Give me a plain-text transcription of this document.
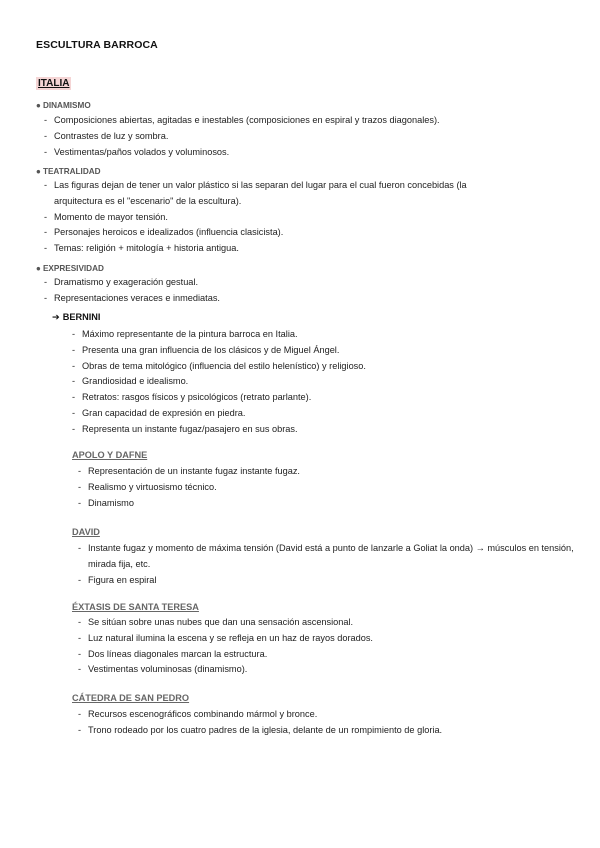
ESCULTURA BARROCA
ITALIA
● DINAMISMO
- Composiciones abiertas, agitadas e inestables (composiciones en espiral y trazos diagonales).
- Contrastes de luz y sombra.
- Vestimentas/paños volados y voluminosos.
● TEATRALIDAD
- Las figuras dejan de tener un valor plástico si las separan del lugar para el cual fueron concebidas (la arquitectura es el "escenario" de la escultura).
- Momento de mayor tensión.
- Personajes heroicos e idealizados (influencia clasicista).
- Temas: religión + mitología + historia antigua.
● EXPRESIVIDAD
- Dramatismo y exageración gestual.
- Representaciones veraces e inmediatas.
➔ BERNINI
- Máximo representante de la pintura barroca en Italia.
- Presenta una gran influencia de los clásicos y de Miguel Ángel.
- Obras de tema mitológico (influencia del estilo helenístico) y religioso.
- Grandiosidad e idealismo.
- Retratos: rasgos físicos y psicológicos (retrato parlante).
- Gran capacidad de expresión en piedra.
- Representa un instante fugaz/pasajero en sus obras.
APOLO Y DAFNE
- Representación de un instante fugaz instante fugaz.
- Realismo y virtuosismo técnico.
- Dinamismo
DAVID
- Instante fugaz y momento de máxima tensión (David está a punto de lanzarle a Goliat la onda) → músculos en tensión, mirada fija, etc.
- Figura en espiral
ÉXTASIS DE SANTA TERESA
- Se sitúan sobre unas nubes que dan una sensación ascensional.
- Luz natural ilumina la escena y se refleja en un haz de rayos dorados.
- Dos líneas diagonales marcan la estructura.
- Vestimentas voluminosas (dinamismo).
CÁTEDRA DE SAN PEDRO
- Recursos escenográficos combinando mármol y bronce.
- Trono rodeado por los cuatro padres de la iglesia, delante de un rompimiento de gloria.
